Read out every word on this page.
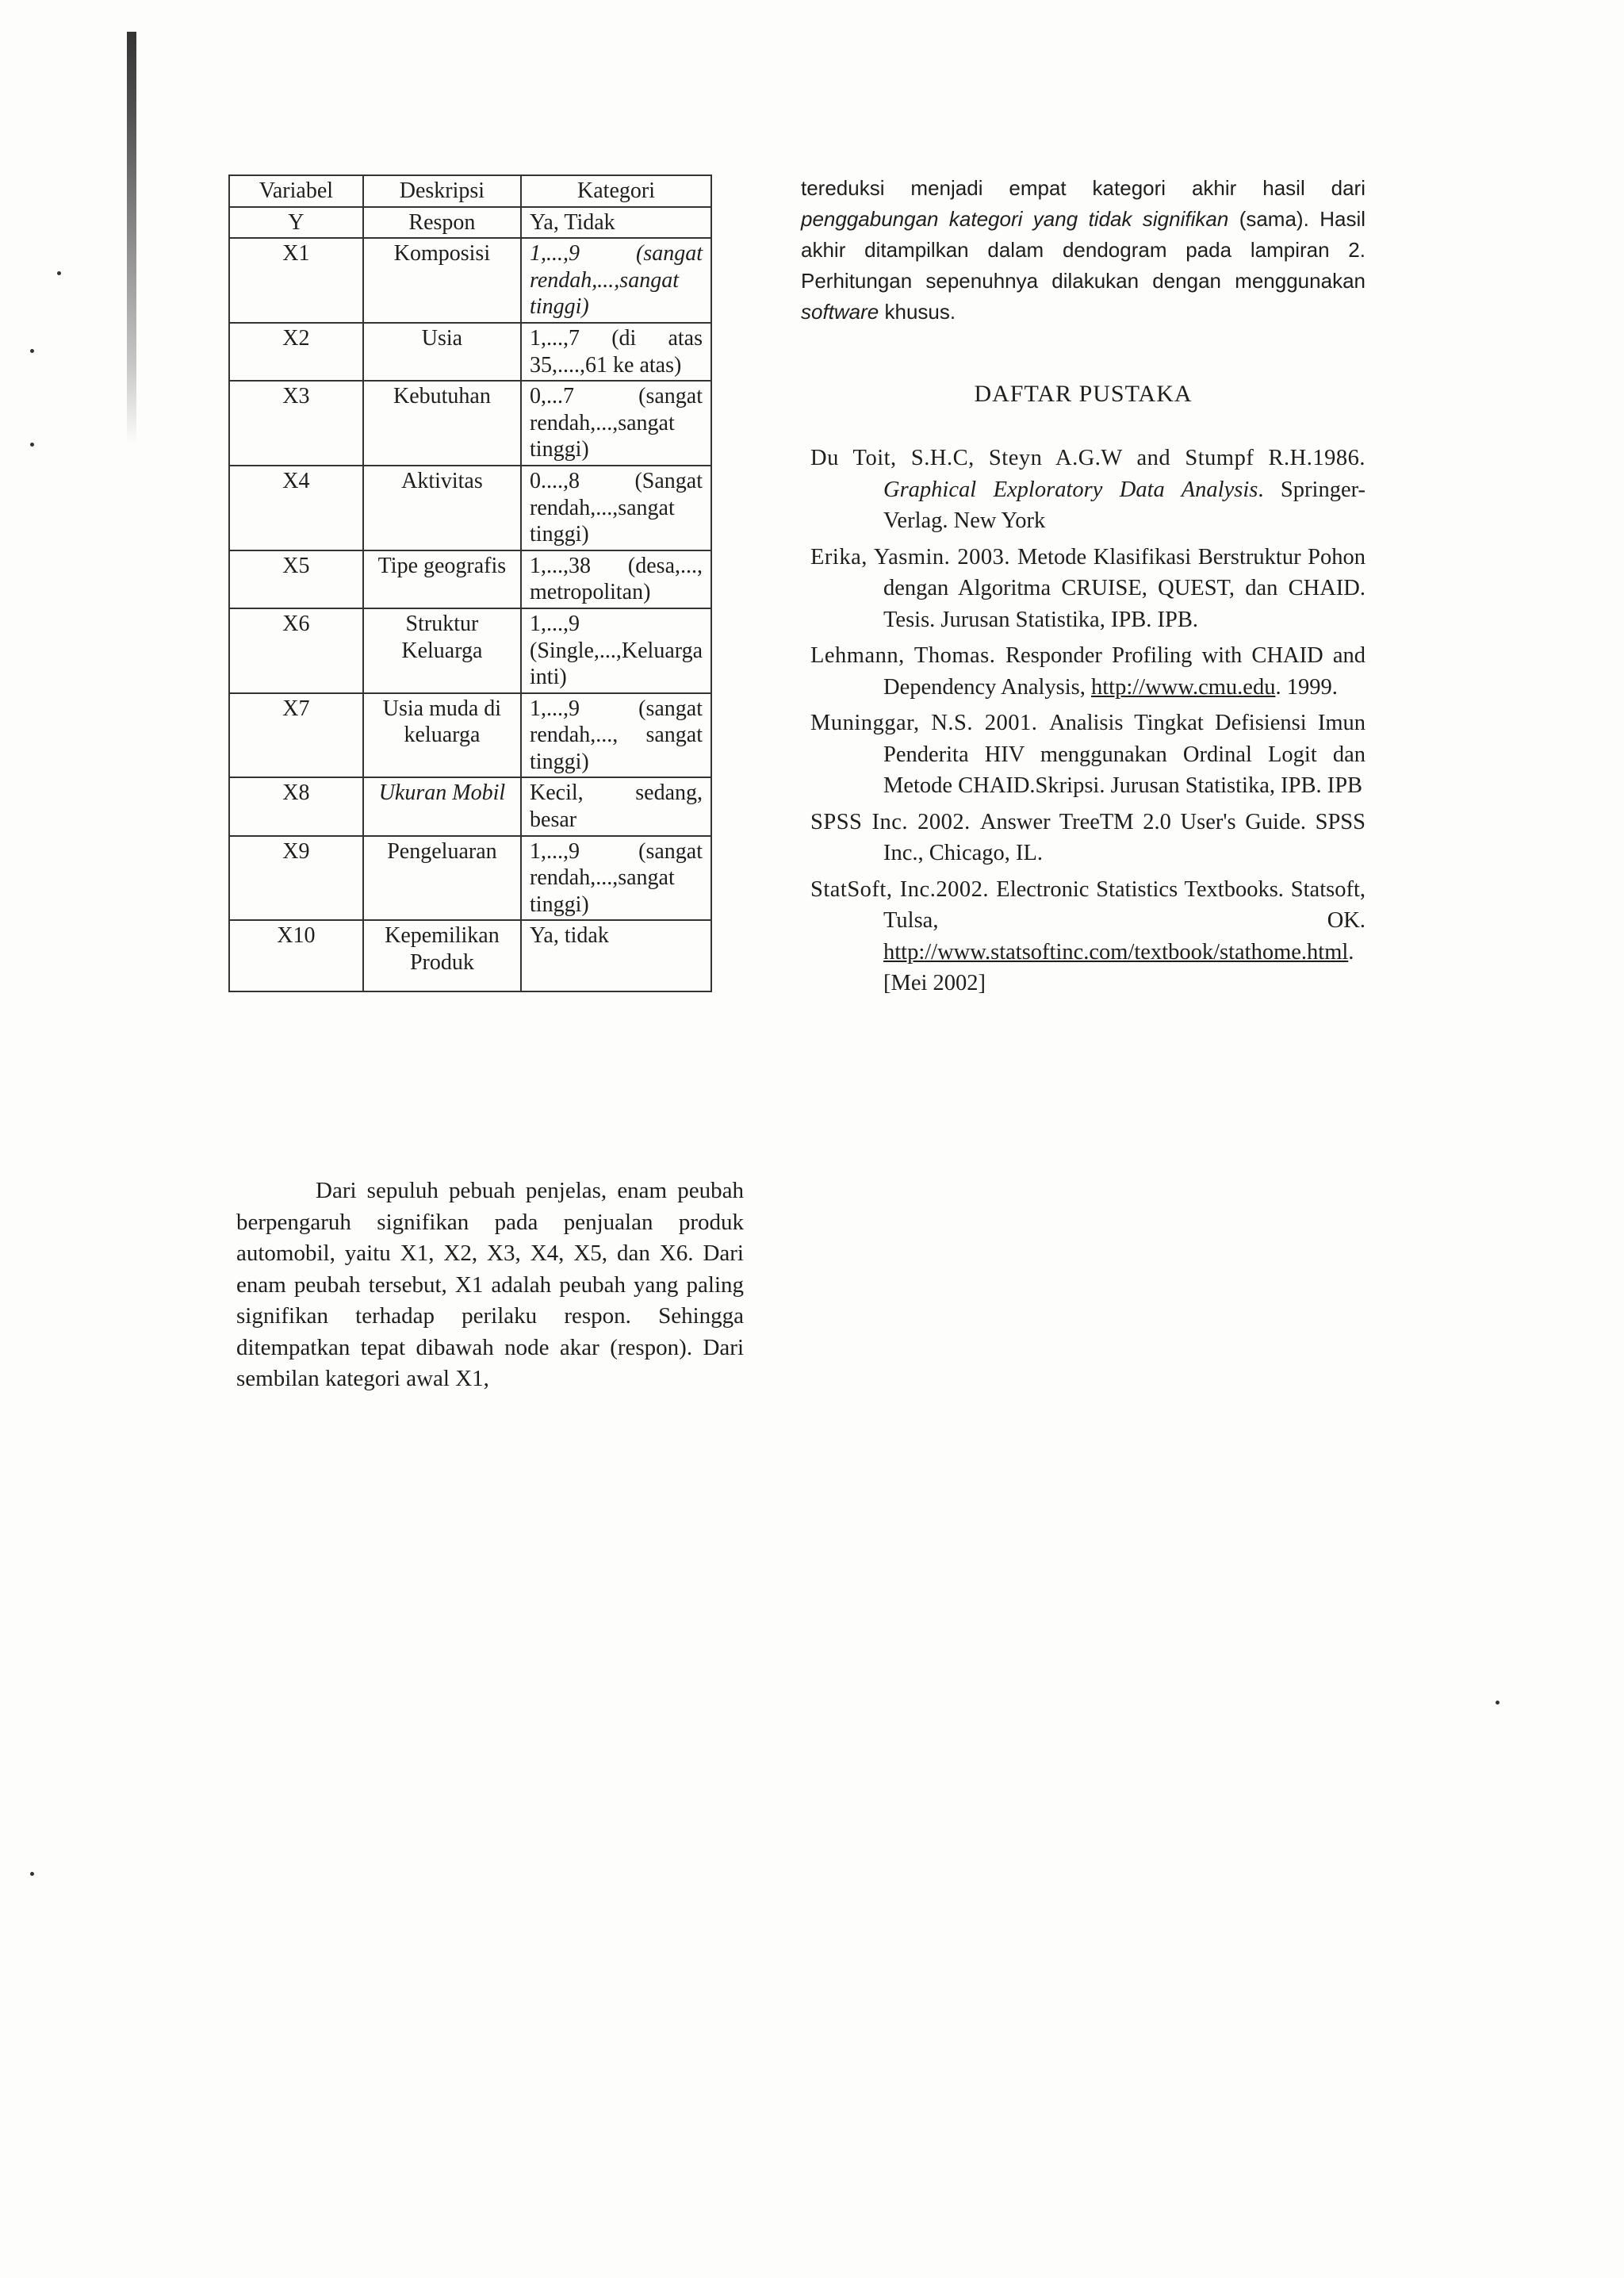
Variabel	Deskripsi	Kategori
Y	Respon	Ya, Tidak
X1	Komposisi	1,...,9 (sangat rendah,...,sangat tinggi)
X2	Usia	1,...,7 (di atas 35,....,61 ke atas)
X3	Kebutuhan	0,...7 (sangat rendah,...,sangat tinggi)
X4	Aktivitas	0....,8 (Sangat rendah,...,sangat tinggi)
X5	Tipe geografis	1,...,38 (desa,..., metropolitan)
X6	Struktur Keluarga	1,...,9 (Single,...,Keluarga inti)
X7	Usia muda di keluarga	1,...,9 (sangat rendah,..., sangat tinggi)
X8	Ukuran Mobil	Kecil, sedang, besar
X9	Pengeluaran	1,...,9 (sangat rendah,...,sangat tinggi)
X10	Kepemilikan Produk	Ya, tidak

Dari sepuluh pebuah penjelas, enam peubah berpengaruh signifikan pada penjualan produk automobil, yaitu X1, X2, X3, X4, X5, dan X6. Dari enam peubah tersebut, X1 adalah peubah yang paling signifikan terhadap perilaku respon. Sehingga ditempatkan tepat dibawah node akar (respon). Dari sembilan kategori awal X1,

tereduksi menjadi empat kategori akhir hasil dari penggabungan kategori yang tidak signifikan (sama). Hasil akhir ditampilkan dalam dendogram pada lampiran 2. Perhitungan sepenuhnya dilakukan dengan menggunakan software khusus.

DAFTAR PUSTAKA
Du Toit, S.H.C, Steyn A.G.W and Stumpf R.H.1986. Graphical Exploratory Data Analysis. Springer-Verlag. New York
Erika, Yasmin. 2003. Metode Klasifikasi Berstruktur Pohon dengan Algoritma CRUISE, QUEST, dan CHAID. Tesis. Jurusan Statistika, IPB. IPB.
Lehmann, Thomas. Responder Profiling with CHAID and Dependency Analysis, http://www.cmu.edu. 1999.
Muninggar, N.S. 2001. Analisis Tingkat Defisiensi Imun Penderita HIV menggunakan Ordinal Logit dan Metode CHAID.Skripsi. Jurusan Statistika, IPB. IPB
SPSS Inc. 2002. Answer TreeTM 2.0 User's Guide. SPSS Inc., Chicago, IL.
StatSoft, Inc.2002. Electronic Statistics Textbooks. Statsoft, Tulsa, OK. http://www.statsoftinc.com/textbook/stathome.html. [Mei 2002]
